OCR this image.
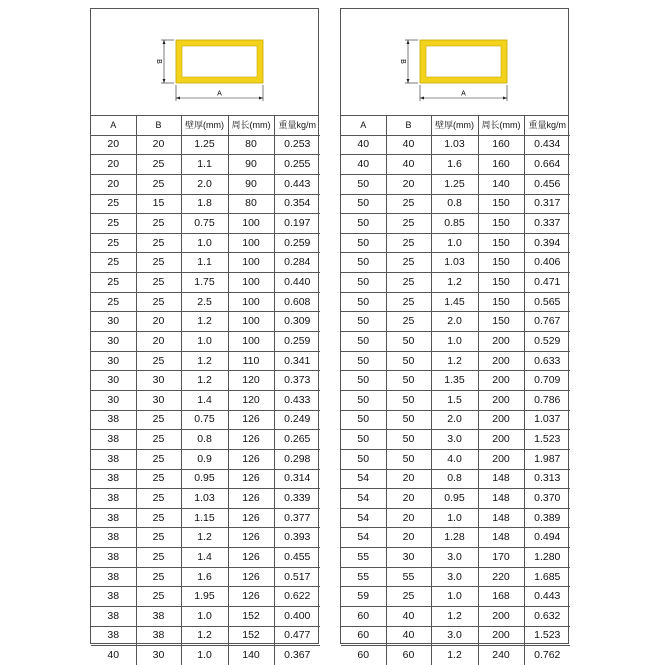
A
B
A	B	壁厚(mm)	周长(mm)	重量kg/m
20	20	1.25	80	0.253
20	25	1.1	90	0.255
20	25	2.0	90	0.443
25	15	1.8	80	0.354
25	25	0.75	100	0.197
25	25	1.0	100	0.259
25	25	1.1	100	0.284
25	25	1.75	100	0.440
25	25	2.5	100	0.608
30	20	1.2	100	0.309
30	20	1.0	100	0.259
30	25	1.2	110	0.341
30	30	1.2	120	0.373
30	30	1.4	120	0.433
38	25	0.75	126	0.249
38	25	0.8	126	0.265
38	25	0.9	126	0.298
38	25	0.95	126	0.314
38	25	1.03	126	0.339
38	25	1.15	126	0.377
38	25	1.2	126	0.393
38	25	1.4	126	0.455
38	25	1.6	126	0.517
38	25	1.95	126	0.622
38	38	1.0	152	0.400
38	38	1.2	152	0.477
40	30	1.0	140	0.367
A
B
A	B	壁厚(mm)	周长(mm)	重量kg/m
40	40	1.03	160	0.434
40	40	1.6	160	0.664
50	20	1.25	140	0.456
50	25	0.8	150	0.317
50	25	0.85	150	0.337
50	25	1.0	150	0.394
50	25	1.03	150	0.406
50	25	1.2	150	0.471
50	25	1.45	150	0.565
50	25	2.0	150	0.767
50	50	1.0	200	0.529
50	50	1.2	200	0.633
50	50	1.35	200	0.709
50	50	1.5	200	0.786
50	50	2.0	200	1.037
50	50	3.0	200	1.523
50	50	4.0	200	1.987
54	20	0.8	148	0.313
54	20	0.95	148	0.370
54	20	1.0	148	0.389
54	20	1.28	148	0.494
55	30	3.0	170	1.280
55	55	3.0	220	1.685
59	25	1.0	168	0.443
60	40	1.2	200	0.632
60	40	3.0	200	1.523
60	60	1.2	240	0.762
